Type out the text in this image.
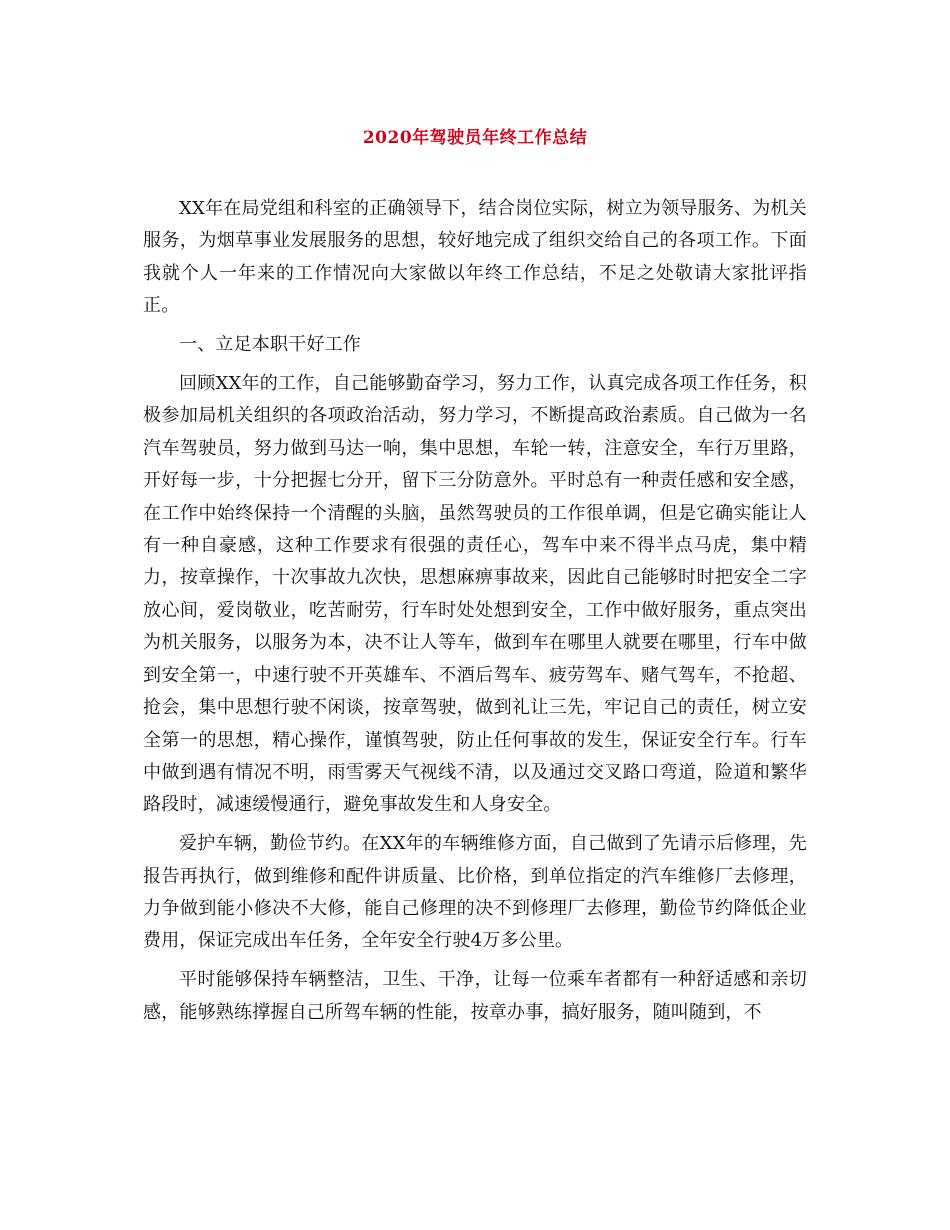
2020年驾驶员年终工作总结

XX年在局党组和科室的正确领导下，结合岗位实际，树立为领导服务、为机关服务，为烟草事业发展服务的思想，较好地完成了组织交给自己的各项工作。下面我就个人一年来的工作情况向大家做以年终工作总结，不足之处敬请大家批评指正。

一、立足本职干好工作

回顾XX年的工作，自己能够勤奋学习，努力工作，认真完成各项工作任务，积极参加局机关组织的各项政治活动，努力学习，不断提高政治素质。自己做为一名汽车驾驶员，努力做到马达一响，集中思想，车轮一转，注意安全，车行万里路，开好每一步，十分把握七分开，留下三分防意外。平时总有一种责任感和安全感，在工作中始终保持一个清醒的头脑，虽然驾驶员的工作很单调，但是它确实能让人有一种自豪感，这种工作要求有很强的责任心，驾车中来不得半点马虎，集中精力，按章操作，十次事故九次快，思想麻痹事故来，因此自己能够时时把安全二字放心间，爱岗敬业，吃苦耐劳，行车时处处想到安全，工作中做好服务，重点突出为机关服务，以服务为本，决不让人等车，做到车在哪里人就要在哪里，行车中做到安全第一，中速行驶不开英雄车、不酒后驾车、疲劳驾车、赌气驾车，不抢超、抢会，集中思想行驶不闲谈，按章驾驶，做到礼让三先，牢记自己的责任，树立安全第一的思想，精心操作，谨慎驾驶，防止任何事故的发生，保证安全行车。行车中做到遇有情况不明，雨雪雾天气视线不清，以及通过交叉路口弯道，险道和繁华路段时，减速缓慢通行，避免事故发生和人身安全。

爱护车辆，勤俭节约。在XX年的车辆维修方面，自己做到了先请示后修理，先报告再执行，做到维修和配件讲质量、比价格，到单位指定的汽车维修厂去修理，力争做到能小修决不大修，能自己修理的决不到修理厂去修理，勤俭节约降低企业费用，保证完成出车任务，全年安全行驶4万多公里。

平时能够保持车辆整洁，卫生、干净，让每一位乘车者都有一种舒适感和亲切感，能够熟练撑握自己所驾车辆的性能，按章办事，搞好服务，随叫随到，不
